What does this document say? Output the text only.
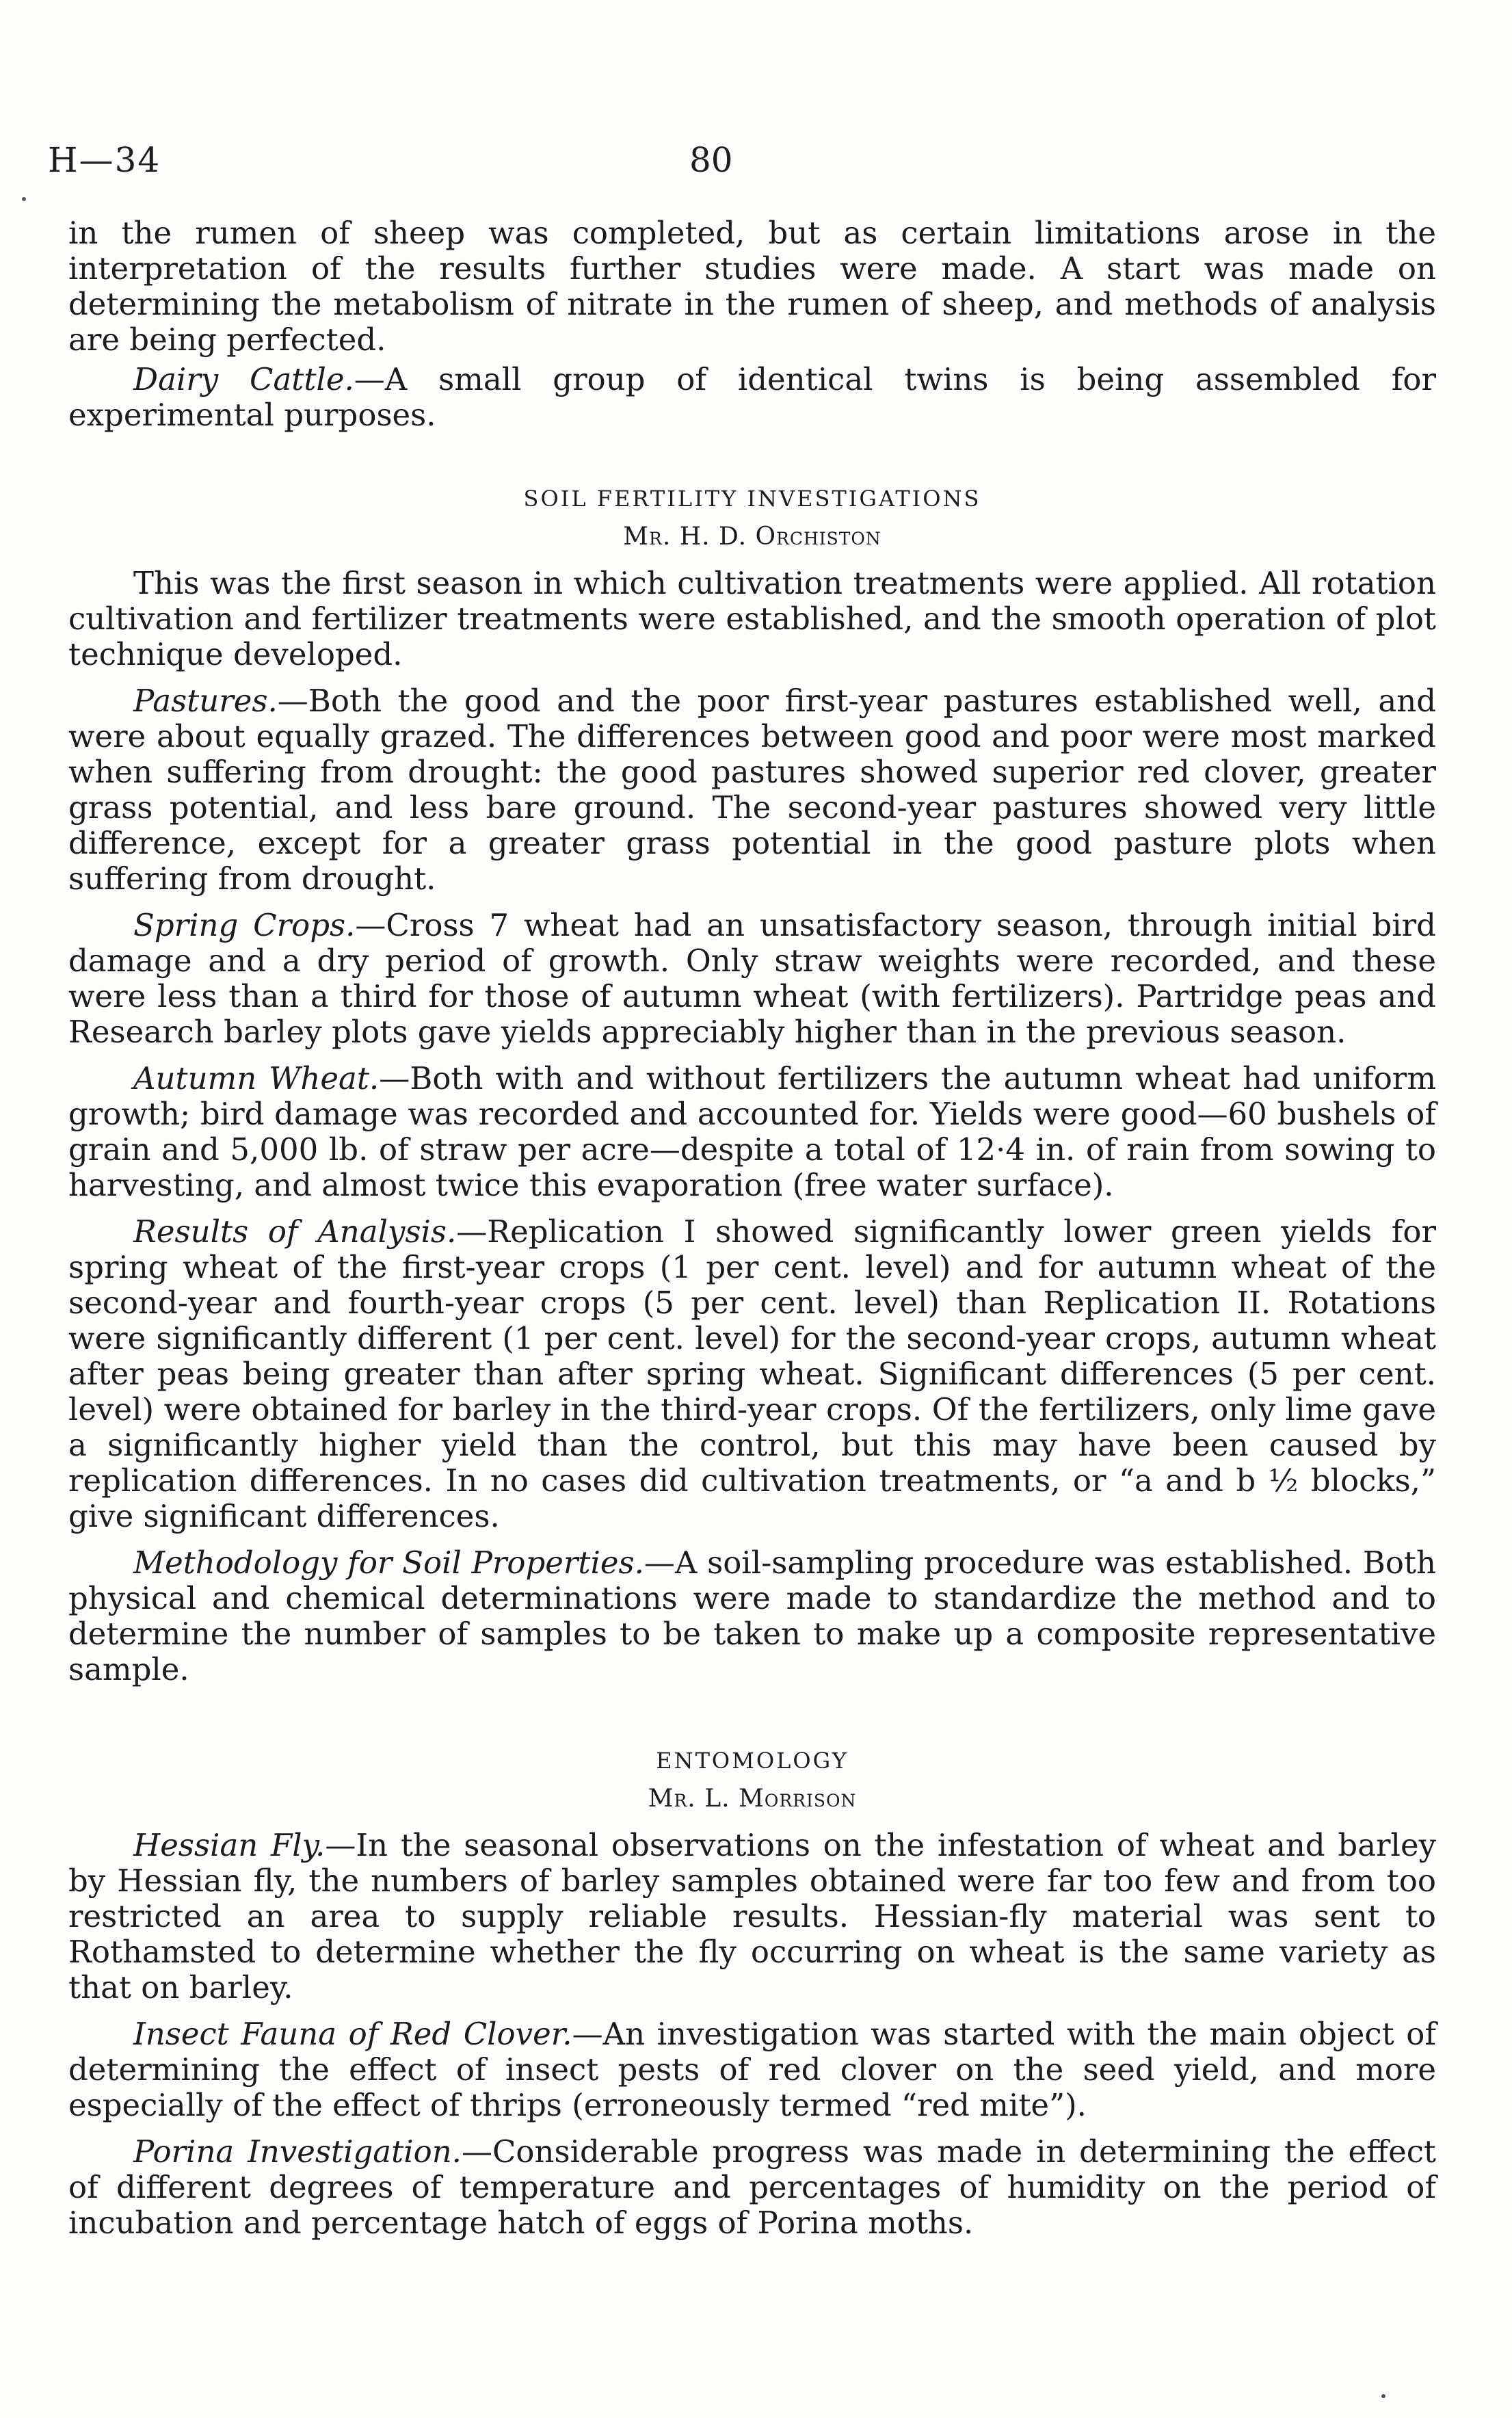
H—34	80

in the rumen of sheep was completed, but as certain limitations arose in the interpretation of the results further studies were made. A start was made on determining the metabolism of nitrate in the rumen of sheep, and methods of analysis are being perfected.

Dairy Cattle.—A small group of identical twins is being assembled for experimental purposes.

SOIL FERTILITY INVESTIGATIONS

Mr. H. D. Orchiston

This was the first season in which cultivation treatments were applied. All rotation cultivation and fertilizer treatments were established, and the smooth operation of plot technique developed.

Pastures.—Both the good and the poor first-year pastures established well, and were about equally grazed. The differences between good and poor were most marked when suffering from drought: the good pastures showed superior red clover, greater grass potential, and less bare ground. The second-year pastures showed very little difference, except for a greater grass potential in the good pasture plots when suffering from drought.

Spring Crops.—Cross 7 wheat had an unsatisfactory season, through initial bird damage and a dry period of growth. Only straw weights were recorded, and these were less than a third for those of autumn wheat (with fertilizers). Partridge peas and Research barley plots gave yields appreciably higher than in the previous season.

Autumn Wheat.—Both with and without fertilizers the autumn wheat had uniform growth; bird damage was recorded and accounted for. Yields were good—60 bushels of grain and 5,000 lb. of straw per acre—despite a total of 12·4 in. of rain from sowing to harvesting, and almost twice this evaporation (free water surface).

Results of Analysis.—Replication I showed significantly lower green yields for spring wheat of the first-year crops (1 per cent. level) and for autumn wheat of the second-year and fourth-year crops (5 per cent. level) than Replication II. Rotations were significantly different (1 per cent. level) for the second-year crops, autumn wheat after peas being greater than after spring wheat. Significant differences (5 per cent. level) were obtained for barley in the third-year crops. Of the fertilizers, only lime gave a significantly higher yield than the control, but this may have been caused by replication differences. In no cases did cultivation treatments, or “a and b ½ blocks,” give significant differences.

Methodology for Soil Properties.—A soil-sampling procedure was established. Both physical and chemical determinations were made to standardize the method and to determine the number of samples to be taken to make up a composite representative sample.

ENTOMOLOGY

Mr. L. Morrison

Hessian Fly.—In the seasonal observations on the infestation of wheat and barley by Hessian fly, the numbers of barley samples obtained were far too few and from too restricted an area to supply reliable results. Hessian-fly material was sent to Rothamsted to determine whether the fly occurring on wheat is the same variety as that on barley.

Insect Fauna of Red Clover.—An investigation was started with the main object of determining the effect of insect pests of red clover on the seed yield, and more especially of the effect of thrips (erroneously termed “red mite”).

Porina Investigation.—Considerable progress was made in determining the effect of different degrees of temperature and percentages of humidity on the period of incubation and percentage hatch of eggs of Porina moths.
